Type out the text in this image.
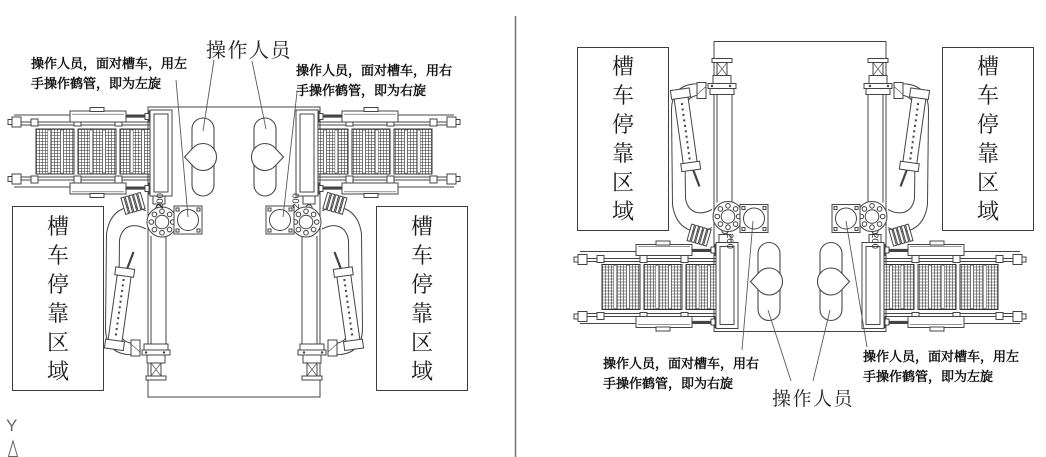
200	200
200	200
Y
操作人员
操作人员，面对槽车，用左
手操作鹤管，即为左旋
操作人员，面对槽车，用右
手操作鹤管，即为右旋
槽车停靠区域
槽车停靠区域
操作人员
操作人员，面对槽车，用右
手操作鹤管，即为右旋
操作人员，面对槽车，用左
手操作鹤管，即为左旋
槽车停靠区域
槽车停靠区域
